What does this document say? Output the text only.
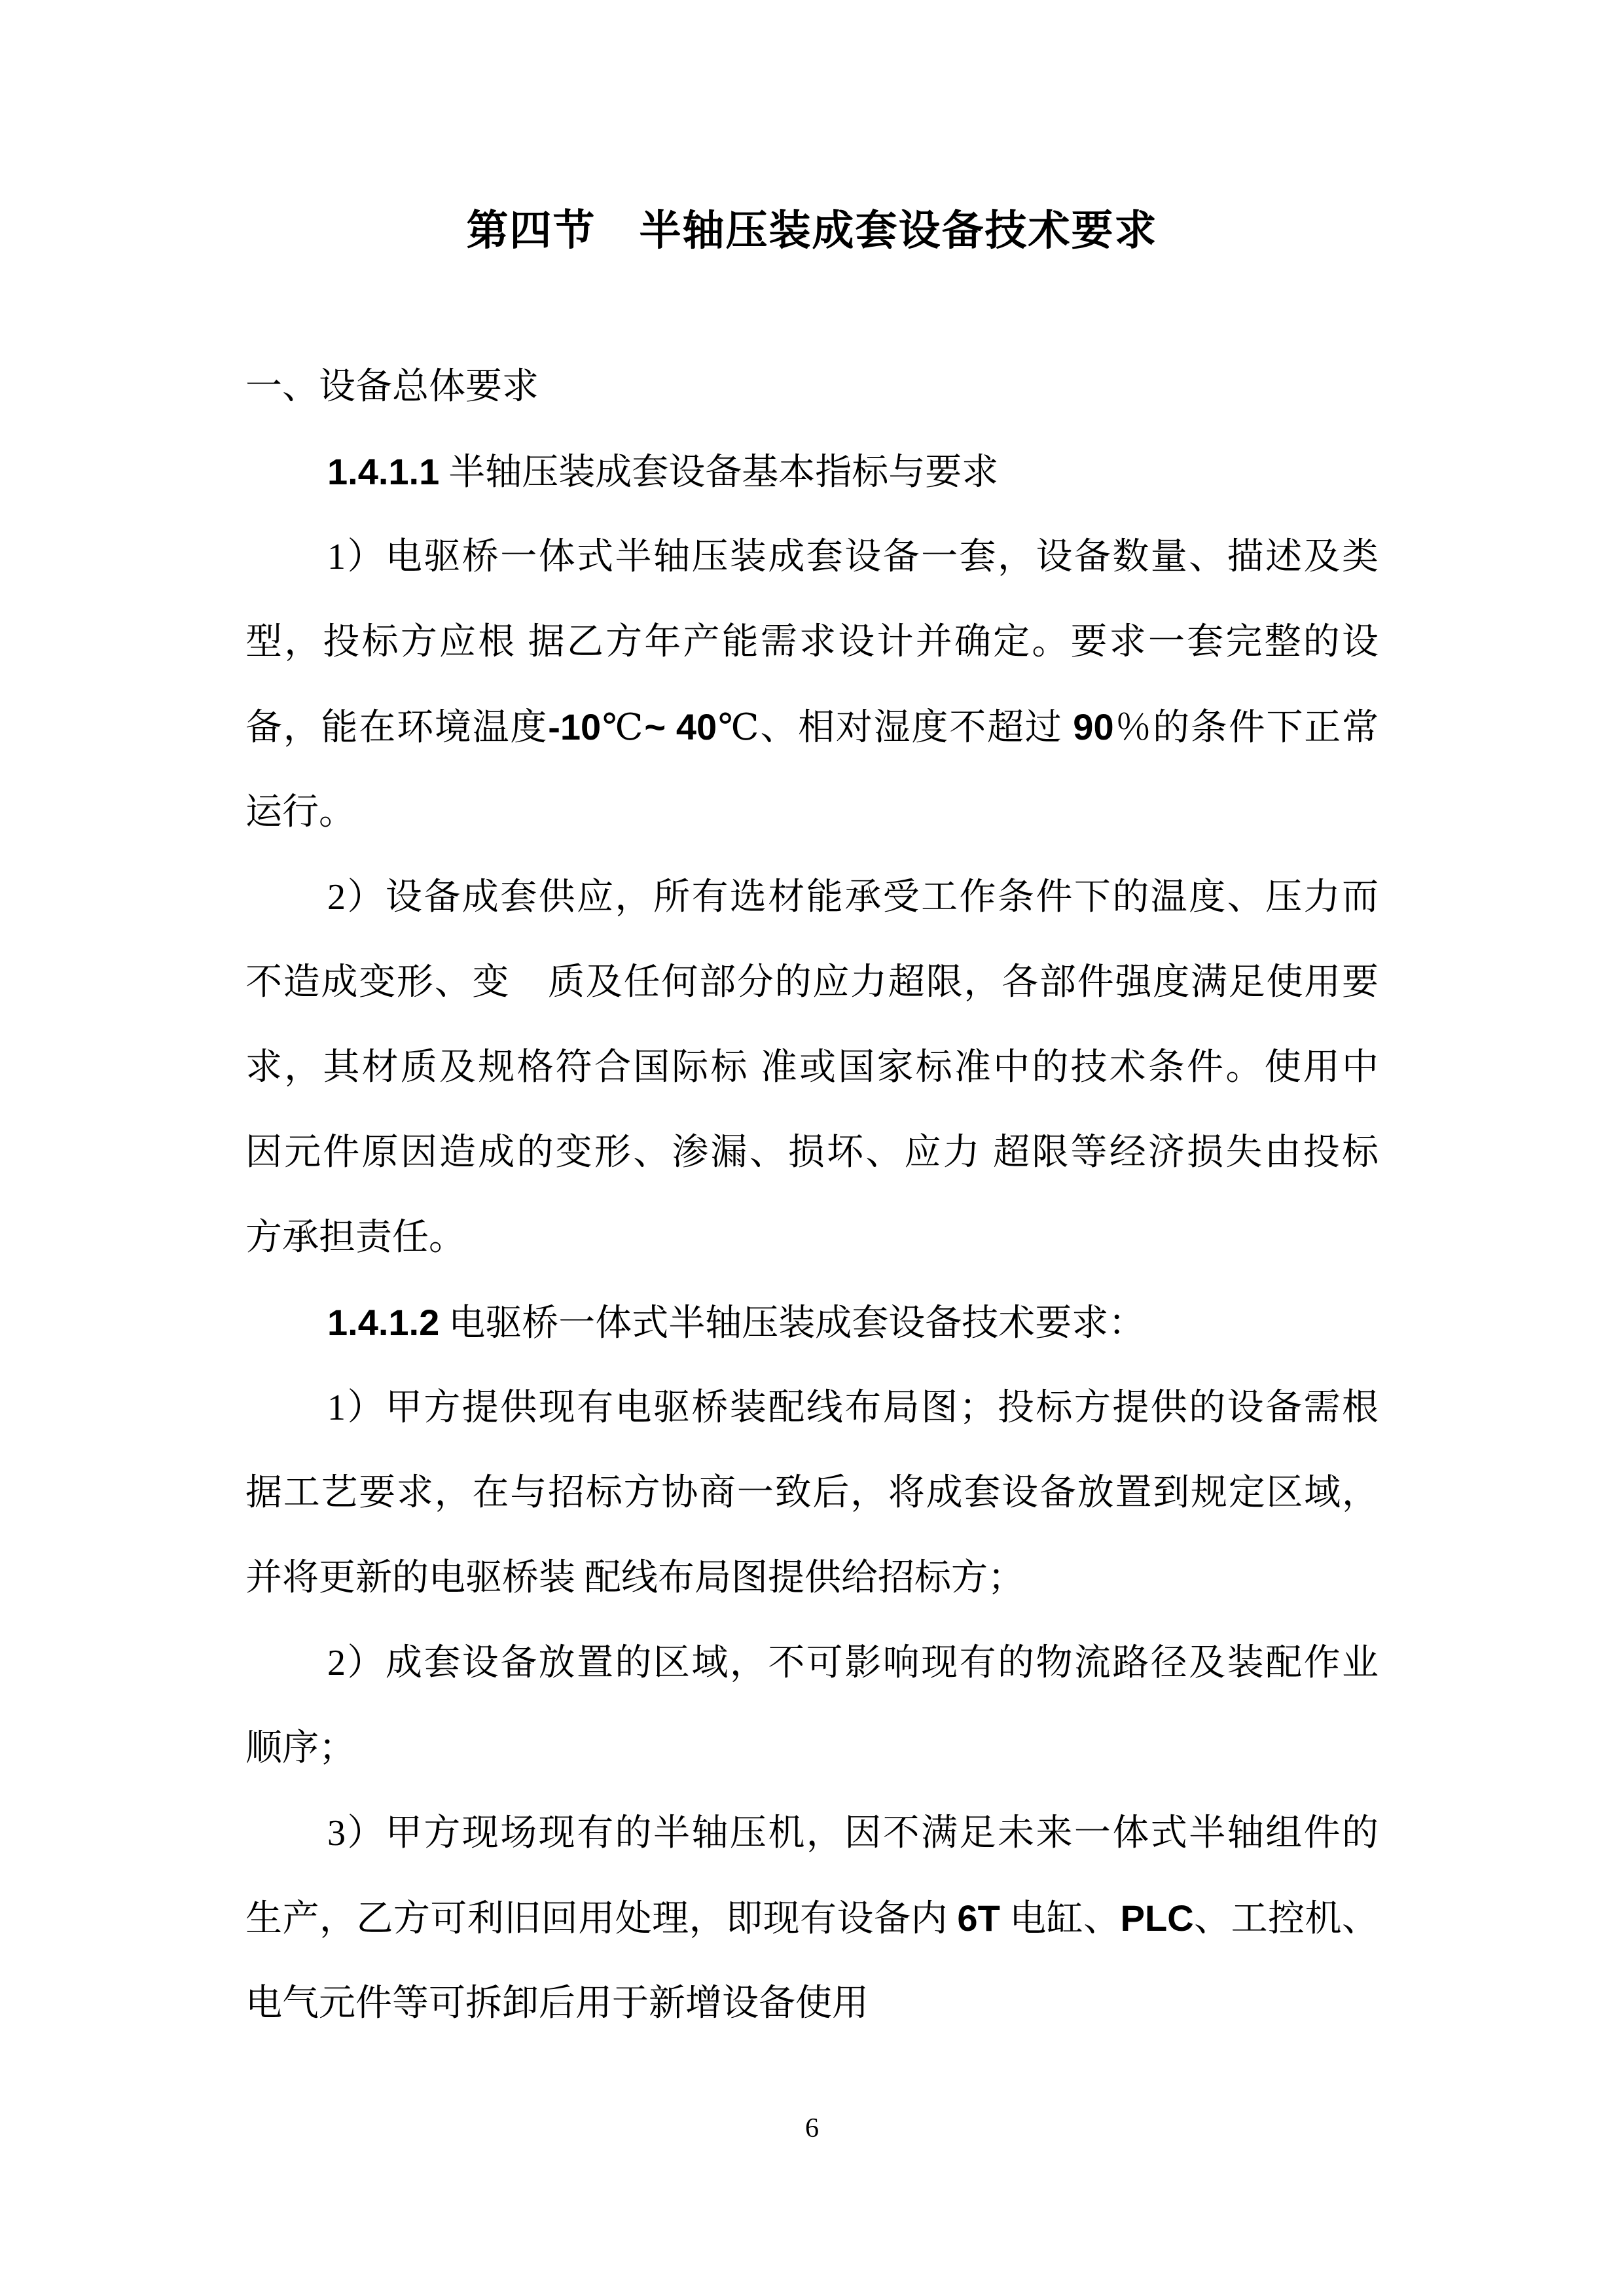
第四节　半轴压装成套设备技术要求
一、设备总体要求
1.4.1.1 半轴压装成套设备基本指标与要求
1）电驱桥一体式半轴压装成套设备一套，设备数量、描述及类
型，投标方应根 据乙方年产能需求设计并确定。要求一套完整的设
备，能在环境温度-10℃~ 40℃、相对湿度不超过 90％的条件下正常
运行。
2）设备成套供应，所有选材能承受工作条件下的温度、压力而
不造成变形、变　质及任何部分的应力超限，各部件强度满足使用要
求，其材质及规格符合国际标 准或国家标准中的技术条件。使用中
因元件原因造成的变形、渗漏、损坏、应力 超限等经济损失由投标
方承担责任。
1.4.1.2 电驱桥一体式半轴压装成套设备技术要求：
1）甲方提供现有电驱桥装配线布局图；投标方提供的设备需根
据工艺要求，在与招标方协商一致后，将成套设备放置到规定区域，
并将更新的电驱桥装 配线布局图提供给招标方；
2）成套设备放置的区域，不可影响现有的物流路径及装配作业
顺序；
3）甲方现场现有的半轴压机，因不满足未来一体式半轴组件的
生产，乙方可利旧回用处理，即现有设备内 6T 电缸、PLC、工控机、
电气元件等可拆卸后用于新增设备使用
6
